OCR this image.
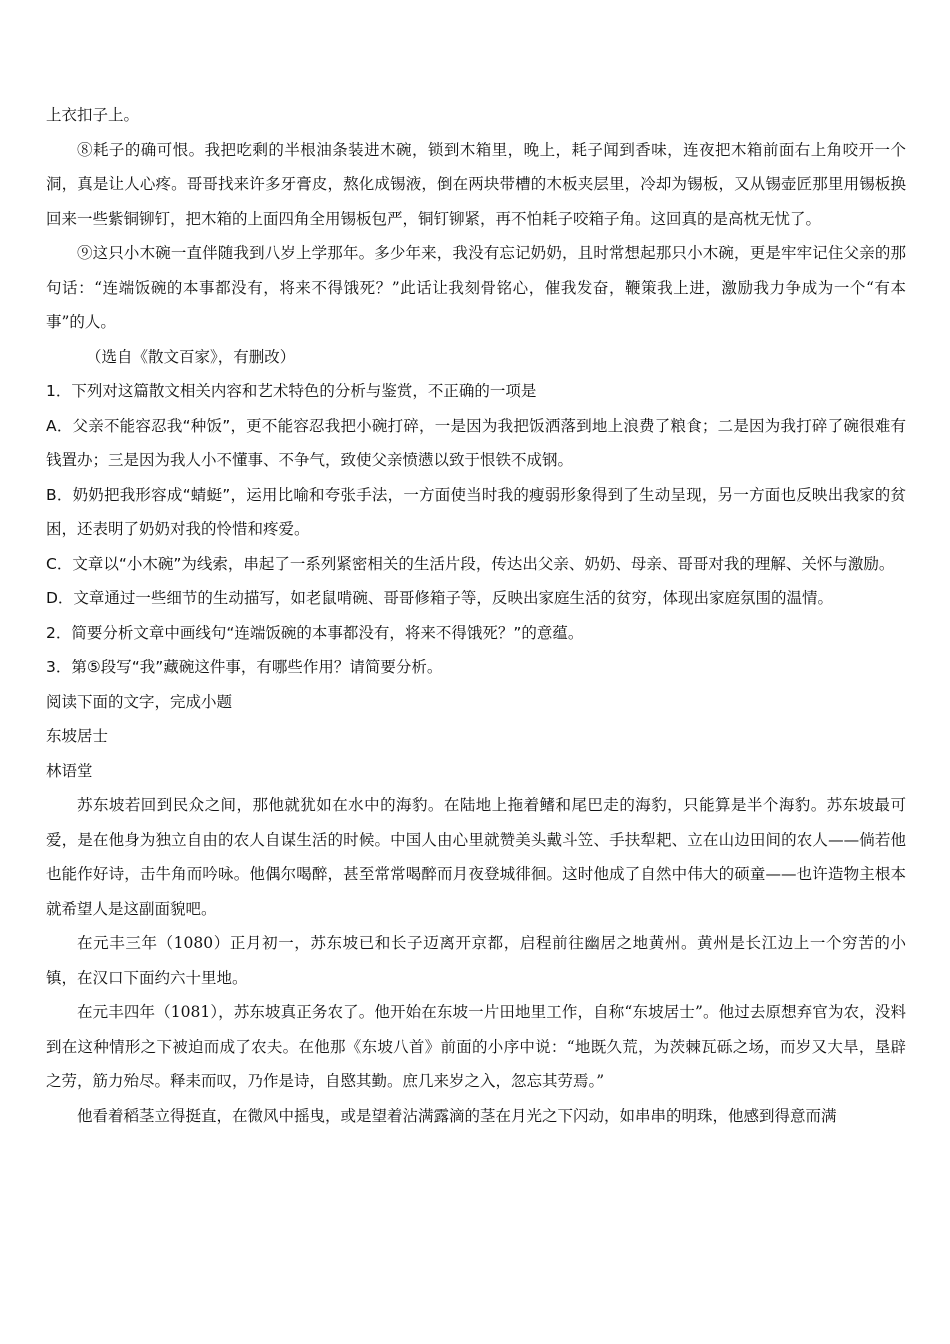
上衣扣子上。

⑧耗子的确可恨。我把吃剩的半根油条装进木碗，锁到木箱里，晚上，耗子闻到香味，连夜把木箱前面右上角咬开一个洞，真是让人心疼。哥哥找来许多牙膏皮，熬化成锡液，倒在两块带槽的木板夹层里，冷却为锡板，又从锡壶匠那里用锡板换回来一些紫铜铆钉，把木箱的上面四角全用锡板包严，铜钉铆紧，再不怕耗子咬箱子角。这回真的是高枕无忧了。

⑨这只小木碗一直伴随我到八岁上学那年。多少年来，我没有忘记奶奶，且时常想起那只小木碗，更是牢牢记住父亲的那句话：“连端饭碗的本事都没有，将来不得饿死？”此话让我刻骨铭心，催我发奋，鞭策我上进，激励我力争成为一个“有本事”的人。

（选自《散文百家》，有删改）

1．下列对这篇散文相关内容和艺术特色的分析与鉴赏，不正确的一项是

A．父亲不能容忍我“种饭”，更不能容忍我把小碗打碎，一是因为我把饭洒落到地上浪费了粮食；二是因为我打碎了碗很难有钱置办；三是因为我人小不懂事、不争气，致使父亲愤懑以致于恨铁不成钢。

B．奶奶把我形容成“蜻蜓”，运用比喻和夸张手法，一方面使当时我的瘦弱形象得到了生动呈现，另一方面也反映出我家的贫困，还表明了奶奶对我的怜惜和疼爱。

C．文章以“小木碗”为线索，串起了一系列紧密相关的生活片段，传达出父亲、奶奶、母亲、哥哥对我的理解、关怀与激励。

D．文章通过一些细节的生动描写，如老鼠啃碗、哥哥修箱子等，反映出家庭生活的贫穷，体现出家庭氛围的温情。

2．简要分析文章中画线句“连端饭碗的本事都没有，将来不得饿死？”的意蕴。

3．第⑤段写“我”藏碗这件事，有哪些作用？请简要分析。

阅读下面的文字，完成小题

东坡居士

林语堂

苏东坡若回到民众之间，那他就犹如在水中的海豹。在陆地上拖着鳍和尾巴走的海豹，只能算是半个海豹。苏东坡最可爱，是在他身为独立自由的农人自谋生活的时候。中国人由心里就赞美头戴斗笠、手扶犁耙、立在山边田间的农人——倘若他也能作好诗，击牛角而吟咏。他偶尔喝醉，甚至常常喝醉而月夜登城徘徊。这时他成了自然中伟大的硕童——也许造物主根本就希望人是这副面貌吧。

在元丰三年（1080）正月初一，苏东坡已和长子迈离开京都，启程前往幽居之地黄州。黄州是长江边上一个穷苦的小镇，在汉口下面约六十里地。

在元丰四年（1081），苏东坡真正务农了。他开始在东坡一片田地里工作，自称“东坡居士”。他过去原想弃官为农，没料到在这种情形之下被迫而成了农夫。在他那《东坡八首》前面的小序中说：“地既久荒，为茨棘瓦砾之场，而岁又大旱，垦辟之劳，筋力殆尽。释耒而叹，乃作是诗，自愍其勤。庶几来岁之入，忽忘其劳焉。”

他看着稻茎立得挺直，在微风中摇曳，或是望着沾满露滴的茎在月光之下闪动，如串串的明珠，他感到得意而满
